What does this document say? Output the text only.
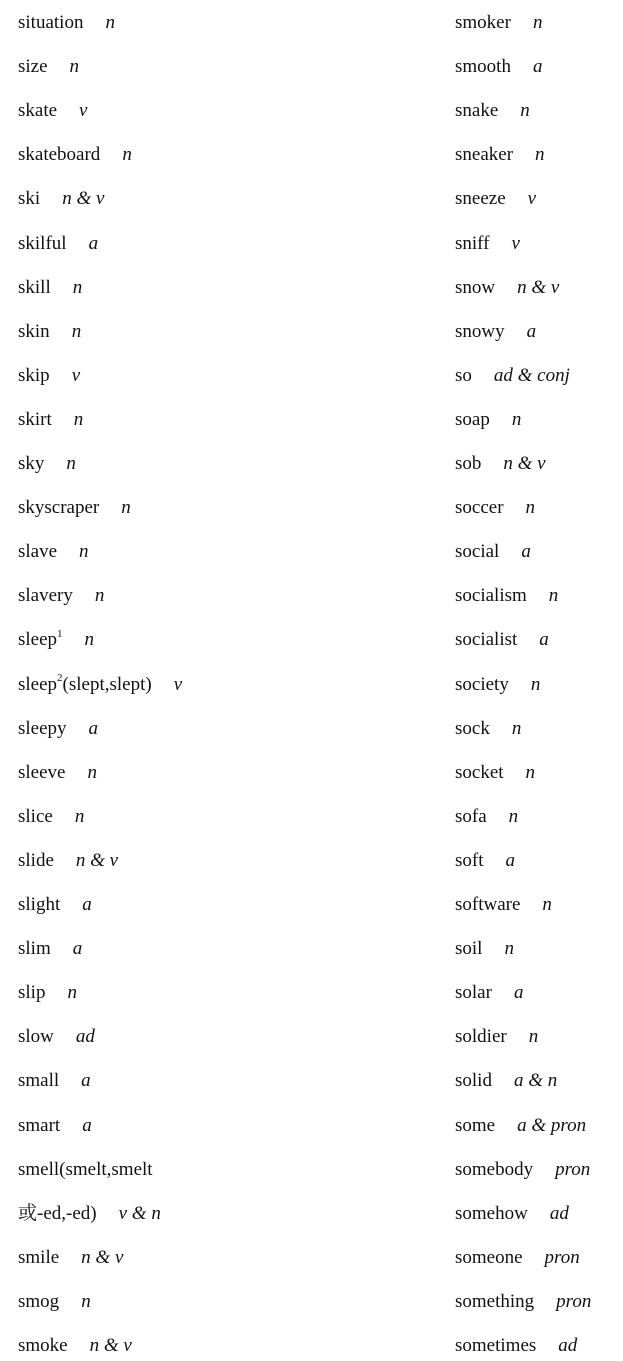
situation n
size n
skate v
skateboard n
ski n & v
skilful a
skill n
skin n
skip v
skirt n
sky n
skyscraper n
slave n
slavery n
sleep$^1$ n
sleep$^2$(slept,slept) v
sleepy a
sleeve n
slice n
slide n & v
slight a
slim a
slip n
slow ad
small a
smart a
smell(smelt,smelt
或-ed,-ed) v & n
smile n & v
smog n
smoke n & v
smoker n
smooth a
snake n
sneaker n
sneeze v
sniff v
snow n & v
snowy a
so ad & conj
soap n
sob n & v
soccer n
social a
socialism n
socialist a
society n
sock n
socket n
sofa n
soft a
software n
soil n
solar a
soldier n
solid a & n
some a & pron
somebody pron
somehow ad
someone pron
something pron
sometimes ad
